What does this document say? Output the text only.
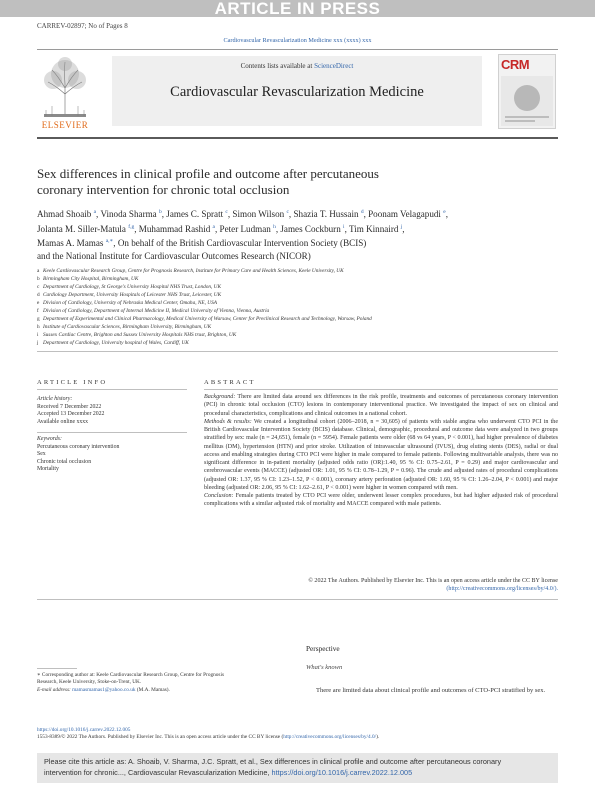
ARTICLE IN PRESS
CARREV-02897; No of Pages 8
Cardiovascular Revascularization Medicine xxx (xxxx) xxx
ELSEVIER
Contents lists available at ScienceDirect
Cardiovascular Revascularization Medicine
CRM
Sex differences in clinical profile and outcome after percutaneous
coronary intervention for chronic total occlusion
Ahmad Shoaib $^a$, Vinoda Sharma $^b$, James C. Spratt $^c$, Simon Wilson $^c$, Shazia T. Hussain $^d$, Poonam Velagapudi $^e$,
Jolanta M. Siller-Matula $^{f,g}$, Muhammad Rashid $^a$, Peter Ludman $^h$, James Cockburn $^i$, Tim Kinnaird $^j$,
Mamas A. Mamas $^{a,∗}$, On behalf of the British Cardiovascular Intervention Society (BCIS)
and the National Institute for Cardiovascular Outcomes Research (NICOR)
a Keele Cardiovascular Research Group, Centre for Prognosis Research, Institute for Primary Care and Health Sciences, Keele University, UK
b Birmingham City Hospital, Birmingham, UK
c Department of Cardiology, St George's University Hospital NHS Trust, London, UK
d Cardiology Department, University Hospitals of Leicester NHS Trust, Leicester, UK
e Division of Cardiology, University of Nebraska Medical Center, Omaha, NE, USA
f Division of Cardiology, Department of Internal Medicine II, Medical University of Vienna, Vienna, Austria
g Department of Experimental and Clinical Pharmacology, Medical University of Warsaw, Center for Preclinical Research and Technology, Warsaw, Poland
h Institute of Cardiovascular Sciences, Birmingham University, Birmingham, UK
i Sussex Cardiac Centre, Brighton and Sussex University Hospitals NHS trust, Brighton, UK
j Department of Cardiology, University hospital of Wales, Cardiff, UK
ARTICLE INFO
Article history:
Received 7 December 2022
Accepted 13 December 2022
Available online xxxx
Keywords:
Percutaneous coronary intervention
Sex
Chronic total occlusion
Mortality
ABSTRACT

Background: There are limited data around sex differences in the risk profile, treatments and outcomes of percutaneous coronary intervention (PCI) in chronic total occlusion (CTO) lesions in contemporary interventional practice. We investigated the impact of sex on clinical and procedural characteristics, complications and clinical outcomes in a national cohort.

Methods & results: We created a longitudinal cohort (2006–2018, n = 30,605) of patients with stable angina who underwent CTO PCI in the British Cardiovascular Intervention Society (BCIS) database. Clinical, demographic, procedural and outcome data were analyzed in two groups stratified by sex: male (n = 24,651), female (n = 5954). Female patients were older (68 vs 64 years, P < 0.001), had higher prevalence of diabetes mellitus (DM), hypertension (HTN) and prior stroke. Utilization of intravascular ultrasound (IVUS), drug eluting stents (DES), radial or dual access and enabling strategies during CTO PCI were higher in male compared to female patients. Following multivariable analysis, there was no significant difference in in-patient mortality (adjusted odds ratio (OR):1.40, 95 % CI: 0.75–2.61, P = 0.29) and major cardiovascular and cerebrovascular events (MACCE) (adjusted OR: 1.01, 95 % CI: 0.78–1.29, P = 0.96). The crude and adjusted rates of procedural complications (adjusted OR: 1.37, 95 % CI: 1.23–1.52, P < 0.001), coronary artery perforation (adjusted OR: 1.60, 95 % CI: 1.26–2.04, P < 0.001) and major bleeding (adjusted OR: 2.06, 95 % CI: 1.62–2.61, P < 0.001) were higher in women compared with men.

Conclusion: Female patients treated by CTO PCI were older, underwent lesser complex procedures, but had higher adjusted risk of procedural complications with a similar adjusted risk of mortality and MACCE compared with male patients.

© 2022 The Authors. Published by Elsevier Inc. This is an open access article under the CC BY license
(http://creativecommons.org/licenses/by/4.0/).
Perspective
What's known
There are limited data about clinical profile and outcomes of CTO-PCI stratified by sex.
∗ Corresponding author at: Keele Cardiovascular Research Group, Centre for Prognosis
Research, Keele University, Stoke-on-Trent, UK.
E-mail address: mamasmamas1@yahoo.co.uk (M.A. Mamas).
https://doi.org/10.1016/j.carrev.2022.12.005
1553-8389/© 2022 The Authors. Published by Elsevier Inc. This is an open access article under the CC BY license (http://creativecommons.org/licenses/by/4.0/).
Please cite this article as: A. Shoaib, V. Sharma, J.C. Spratt, et al., Sex differences in clinical profile and outcome after percutaneous coronary
intervention for chronic..., Cardiovascular Revascularization Medicine, https://doi.org/10.1016/j.carrev.2022.12.005
